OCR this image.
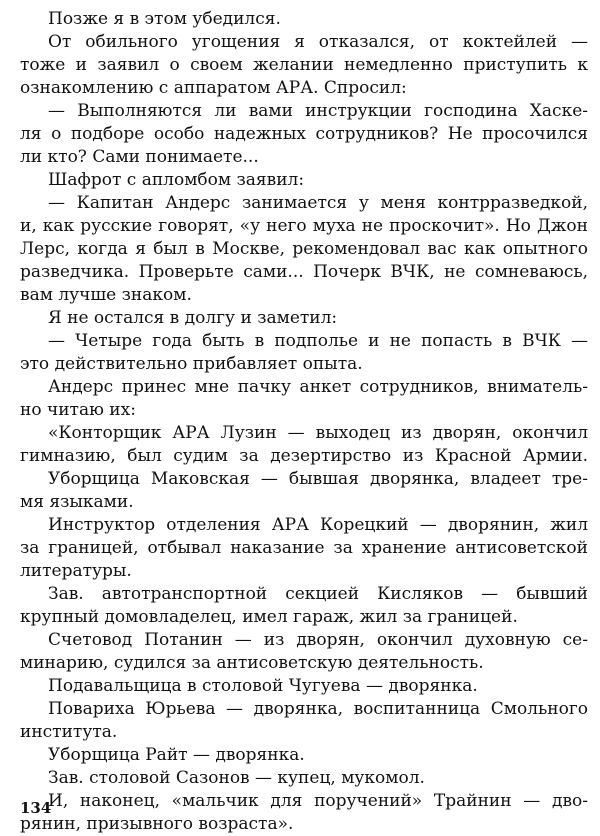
Позже я в этом убедился.
От обильного угощения я отказался, от коктейлей —
тоже и заявил о своем желании немедленно приступить к
ознакомлению с аппаратом АРА. Спросил:
— Выполняются ли вами инструкции господина Хаске-
ля о подборе особо надежных сотрудников? Не просочился
ли кто? Сами понимаете...
Шафрот с апломбом заявил:
— Капитан Андерс занимается у меня контрразведкой,
и, как русские говорят, «у него муха не проскочит». Но Джон
Лерс, когда я был в Москве, рекомендовал вас как опытного
разведчика. Проверьте сами... Почерк ВЧК, не сомневаюсь,
вам лучше знаком.
Я не остался в долгу и заметил:
— Четыре года быть в подполье и не попасть в ВЧК —
это действительно прибавляет опыта.
Андерс принес мне пачку анкет сотрудников, вниматель-
но читаю их:
«Конторщик АРА Лузин — выходец из дворян, окончил
гимназию, был судим за дезертирство из Красной Армии.
Уборщица Маковская — бывшая дворянка, владеет тре-
мя языками.
Инструктор отделения АРА Корецкий — дворянин, жил
за границей, отбывал наказание за хранение антисоветской
литературы.
Зав. автотранспортной секцией Кисляков — бывший
крупный домовладелец, имел гараж, жил за границей.
Счетовод Потанин — из дворян, окончил духовную се-
минарию, судился за антисоветскую деятельность.
Подавальщица в столовой Чугуева — дворянка.
Повариха Юрьева — дворянка, воспитанница Смольного
института.
Уборщица Райт — дворянка.
Зав. столовой Сазонов — купец, мукомол.
И, наконец, «мальчик для поручений» Трайнин — дво-
рянин, призывного возраста».
134
